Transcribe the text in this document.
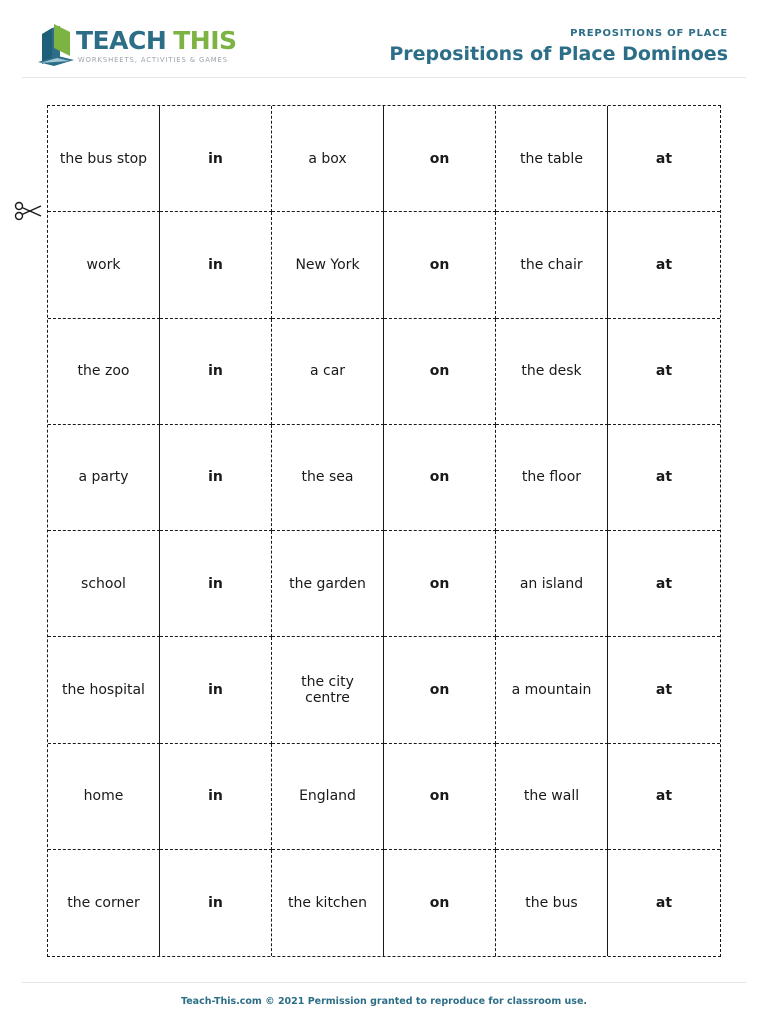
TEACH THIS
WORKSHEETS, ACTIVITIES & GAMES
PREPOSITIONS OF PLACE
Prepositions of Place Dominoes
the bus stop	in	a box	on	the table	at
work	in	New York	on	the chair	at
the zoo	in	a car	on	the desk	at
a party	in	the sea	on	the floor	at
school	in	the garden	on	an island	at
the hospital	in	the city centre	on	a mountain	at
home	in	England	on	the wall	at
the corner	in	the kitchen	on	the bus	at
Teach-This.com © 2021 Permission granted to reproduce for classroom use.
